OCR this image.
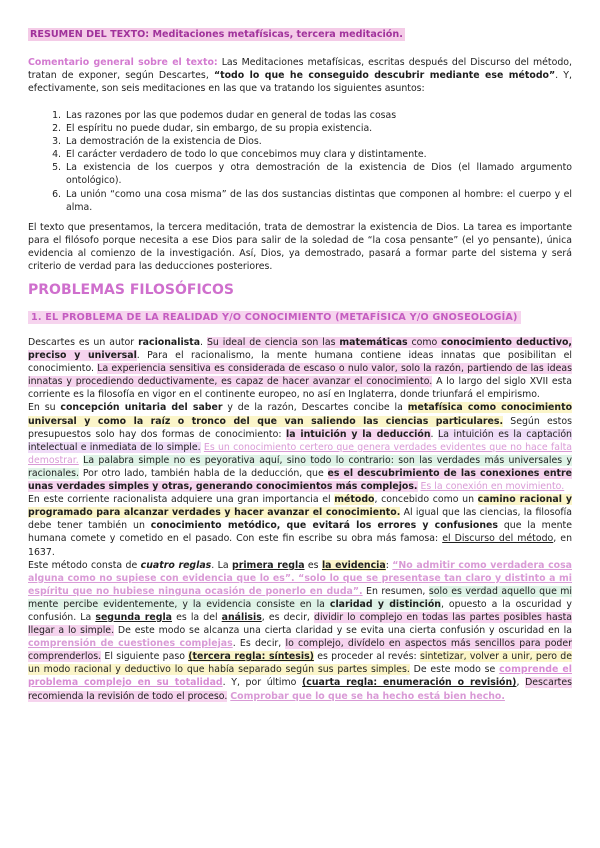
RESUMEN DEL TEXTO: Meditaciones metafísicas, tercera meditación.

Comentario general sobre el texto: Las Meditaciones metafísicas, escritas después del Discurso del método, tratan de exponer, según Descartes, “todo lo que he conseguido descubrir mediante ese método”. Y, efectivamente, son seis meditaciones en las que va tratando los siguientes asuntos:

1. Las razones por las que podemos dudar en general de todas las cosas
2. El espíritu no puede dudar, sin embargo, de su propia existencia.
3. La demostración de la existencia de Dios.
4. El carácter verdadero de todo lo que concebimos muy clara y distintamente.
5. La existencia de los cuerpos y otra demostración de la existencia de Dios (el llamado argumento ontológico).
6. La unión “como una cosa misma” de las dos sustancias distintas que componen al hombre: el cuerpo y el alma.

El texto que presentamos, la tercera meditación, trata de demostrar la existencia de Dios. La tarea es importante para el filósofo porque necesita a ese Dios para salir de la soledad de “la cosa pensante” (el yo pensante), única evidencia al comienzo de la investigación. Así, Dios, ya demostrado, pasará a formar parte del sistema y será criterio de verdad para las deducciones posteriores.

PROBLEMAS FILOSÓFICOS
1. EL PROBLEMA DE LA REALIDAD Y/O CONOCIMIENTO (METAFÍSICA Y/O GNOSEOLOGÍA)

Descartes es un autor racionalista. Su ideal de ciencia son las matemáticas como conocimiento deductivo, preciso y universal. Para el racionalismo, la mente humana contiene ideas innatas que posibilitan el conocimiento. La experiencia sensitiva es considerada de escaso o nulo valor, solo la razón, partiendo de las ideas innatas y procediendo deductivamente, es capaz de hacer avanzar el conocimiento. A lo largo del siglo XVII esta corriente es la filosofía en vigor en el continente europeo, no así en Inglaterra, donde triunfará el empirismo.

En su concepción unitaria del saber y de la razón, Descartes concibe la metafísica como conocimiento universal y como la raíz o tronco del que van saliendo las ciencias particulares. Según estos presupuestos solo hay dos formas de conocimiento: la intuición y la deducción. La intuición es la captación intelectual e inmediata de lo simple. Es un conocimiento certero que genera verdades evidentes que no hace falta demostrar. La palabra simple no es peyorativa aquí, sino todo lo contrario: son las verdades más universales y racionales. Por otro lado, también habla de la deducción, que es el descubrimiento de las conexiones entre unas verdades simples y otras, generando conocimientos más complejos. Es la conexión en movimiento.

En este corriente racionalista adquiere una gran importancia el método, concebido como un camino racional y programado para alcanzar verdades y hacer avanzar el conocimiento. Al igual que las ciencias, la filosofía debe tener también un conocimiento metódico, que evitará los errores y confusiones que la mente humana comete y cometido en el pasado. Con este fin escribe su obra más famosa: el Discurso del método, en 1637.

Este método consta de cuatro reglas. La primera regla es la evidencia: “No admitir como verdadera cosa alguna como no supiese con evidencia que lo es”. “solo lo que se presentase tan claro y distinto a mi espíritu que no hubiese ninguna ocasión de ponerlo en duda”. En resumen, solo es verdad aquello que mi mente percibe evidentemente, y la evidencia consiste en la claridad y distinción, opuesto a la oscuridad y confusión. La segunda regla es la del análisis, es decir, dividir lo complejo en todas las partes posibles hasta llegar a lo simple. De este modo se alcanza una cierta claridad y se evita una cierta confusión y oscuridad en la comprensión de cuestiones complejas. Es decir, lo complejo, divídelo en aspectos más sencillos para poder comprenderlos. El siguiente paso (tercera regla: síntesis) es proceder al revés: sintetizar, volver a unir, pero de un modo racional y deductivo lo que había separado según sus partes simples. De este modo se comprende el problema complejo en su totalidad. Y, por último (cuarta regla: enumeración o revisión), Descartes recomienda la revisión de todo el proceso. Comprobar que lo que se ha hecho está bien hecho.
